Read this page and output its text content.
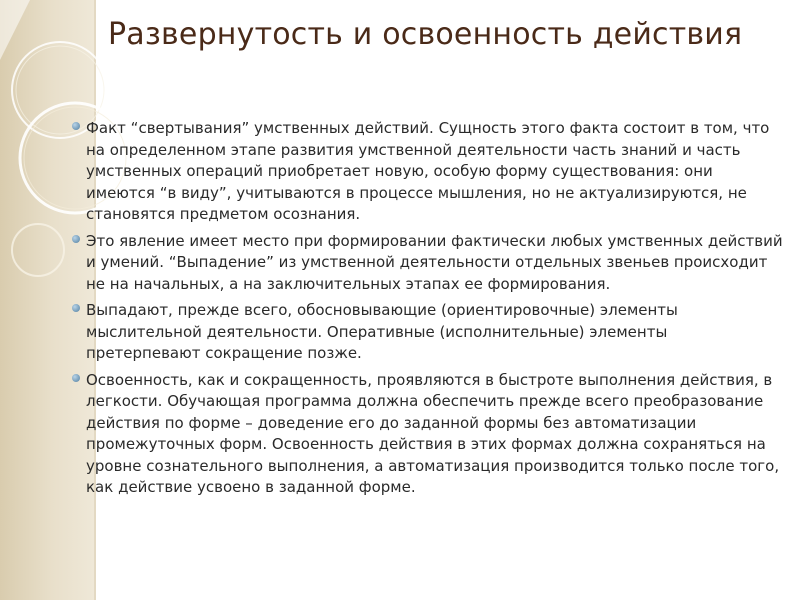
Развернутость и освоенность действия
Факт “свертывания” умственных действий. Сущность этого факта состоит в том, что на определенном этапе развития умственной деятельности часть знаний и часть умственных операций приобретает новую, особую форму существования: они имеются “в виду”, учитываются в процессе мышления, но не актуализируются, не становятся предметом осознания.
Это явление имеет место при формировании фактически любых умственных действий и умений. “Выпадение” из умственной деятельности отдельных звеньев происходит не на начальных, а на заключительных этапах ее формирования.
Выпадают, прежде всего, обосновывающие (ориентировочные) элементы мыслительной деятельности. Оперативные (исполнительные) элементы претерпевают сокращение позже.
Освоенность, как и сокращенность, проявляются в быстроте выполнения действия, в легкости. Обучающая программа должна обеспечить прежде всего преобразование действия по форме – доведение его до заданной формы без автоматизации промежуточных форм. Освоенность действия в этих формах должна сохраняться на уровне сознательного выполнения, а автоматизация производится только после того, как действие усвоено в заданной форме.
